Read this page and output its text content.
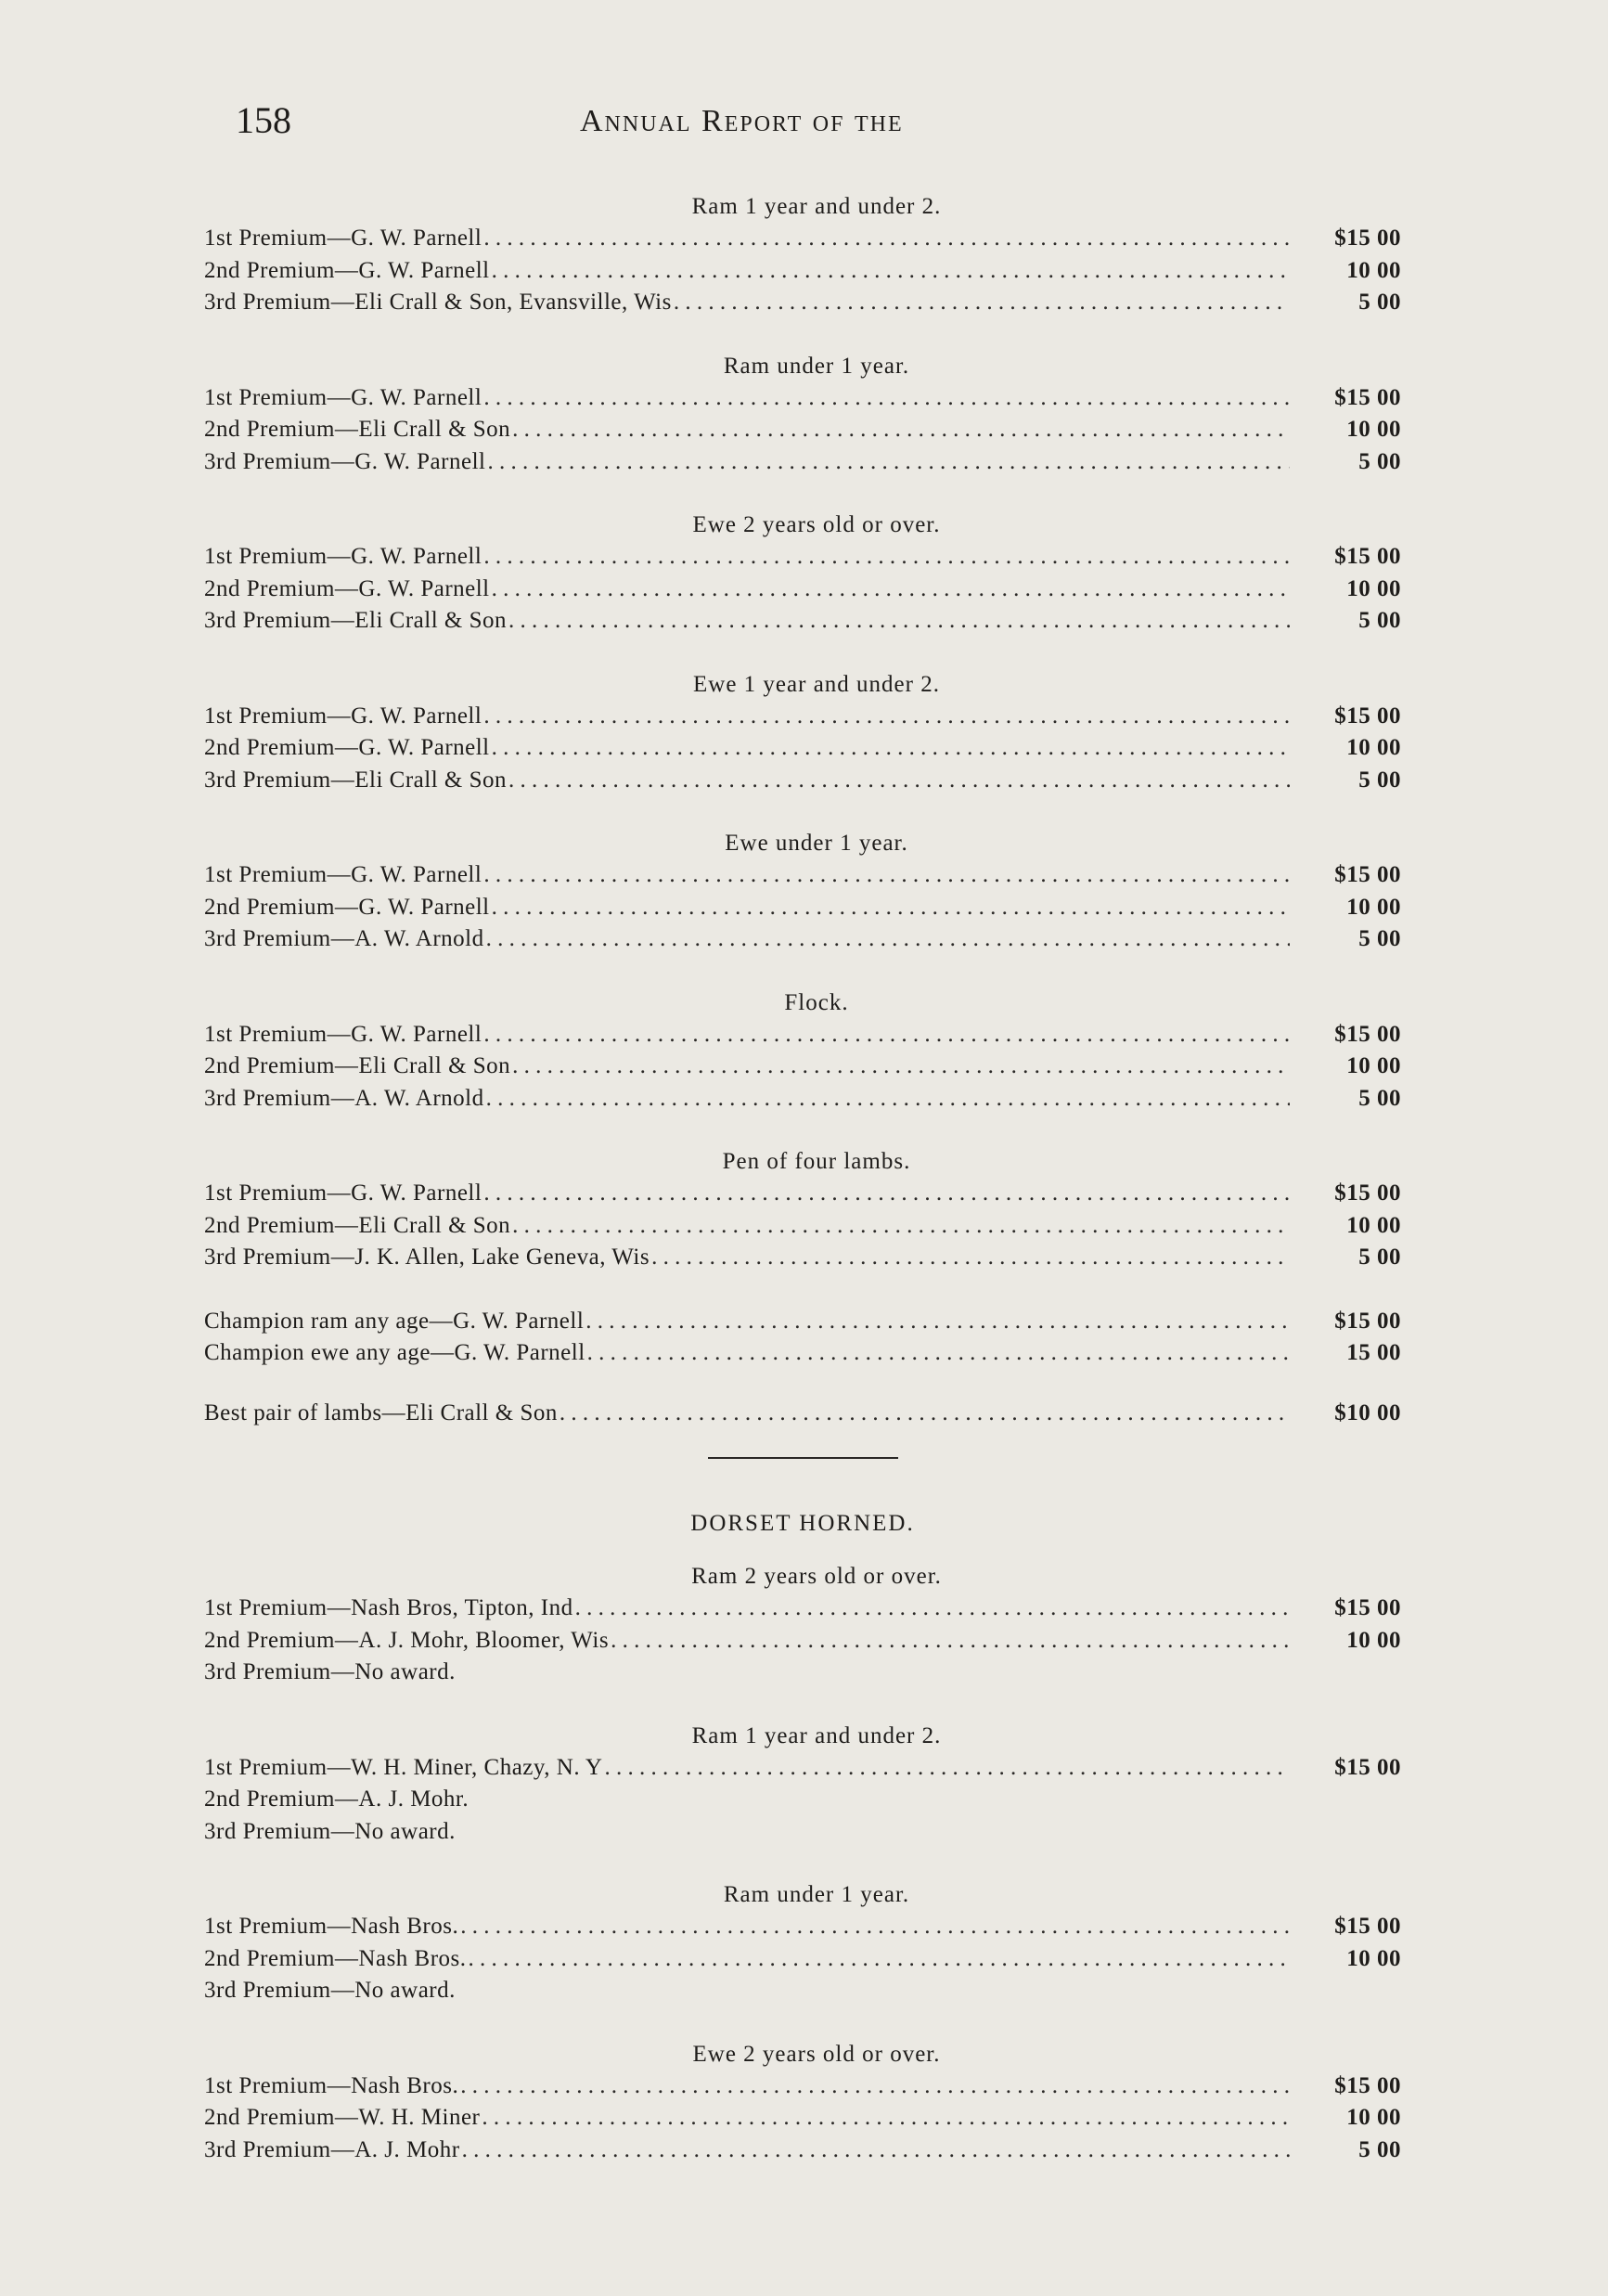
158	Annual Report of the
Ram 1 year and under 2.
1st Premium—G. W. Parnell . . .	$15 00
2nd Premium—G. W. Parnell . . .	10 00
3rd Premium—Eli Crall & Son, Evansville, Wis . . .	5 00
Ram under 1 year.
1st Premium—G. W. Parnell . . .	$15 00
2nd Premium—Eli Crall & Son . . .	10 00
3rd Premium—G. W. Parnell . . .	5 00
Ewe 2 years old or over.
1st Premium—G. W. Parnell . . .	$15 00
2nd Premium—G. W. Parnell . . .	10 00
3rd Premium—Eli Crall & Son . . .	5 00
Ewe 1 year and under 2.
1st Premium—G. W. Parnell . . .	$15 00
2nd Premium—G. W. Parnell . . .	10 00
3rd Premium—Eli Crall & Son . . .	5 00
Ewe under 1 year.
1st Premium—G. W. Parnell . . .	$15 00
2nd Premium—G. W. Parnell . . .	10 00
3rd Premium—A. W. Arnold . . .	5 00
Flock.
1st Premium—G. W. Parnell . . .	$15 00
2nd Premium—Eli Crall & Son . . .	10 00
3rd Premium—A. W. Arnold . . .	5 00
Pen of four lambs.
1st Premium—G. W. Parnell . . .	$15 00
2nd Premium—Eli Crall & Son . . .	10 00
3rd Premium—J. K. Allen, Lake Geneva, Wis . . .	5 00
Champion ram any age—G. W. Parnell . . .	$15 00
Champion ewe any age—G. W. Parnell . . .	15 00
Best pair of lambs—Eli Crall & Son . . .	$10 00
DORSET HORNED.
Ram 2 years old or over.
1st Premium—Nash Bros, Tipton, Ind . . .	$15 00
2nd Premium—A. J. Mohr, Bloomer, Wis . . .	10 00
3rd Premium—No award.
Ram 1 year and under 2.
1st Premium—W. H. Miner, Chazy, N. Y . . .	$15 00
2nd Premium—A. J. Mohr.
3rd Premium—No award.
Ram under 1 year.
1st Premium—Nash Bros. . . .	$15 00
2nd Premium—Nash Bros. . . .	10 00
3rd Premium—No award.
Ewe 2 years old or over.
1st Premium—Nash Bros. . . .	$15 00
2nd Premium—W. H. Miner . . .	10 00
3rd Premium—A. J. Mohr . . .	5 00
